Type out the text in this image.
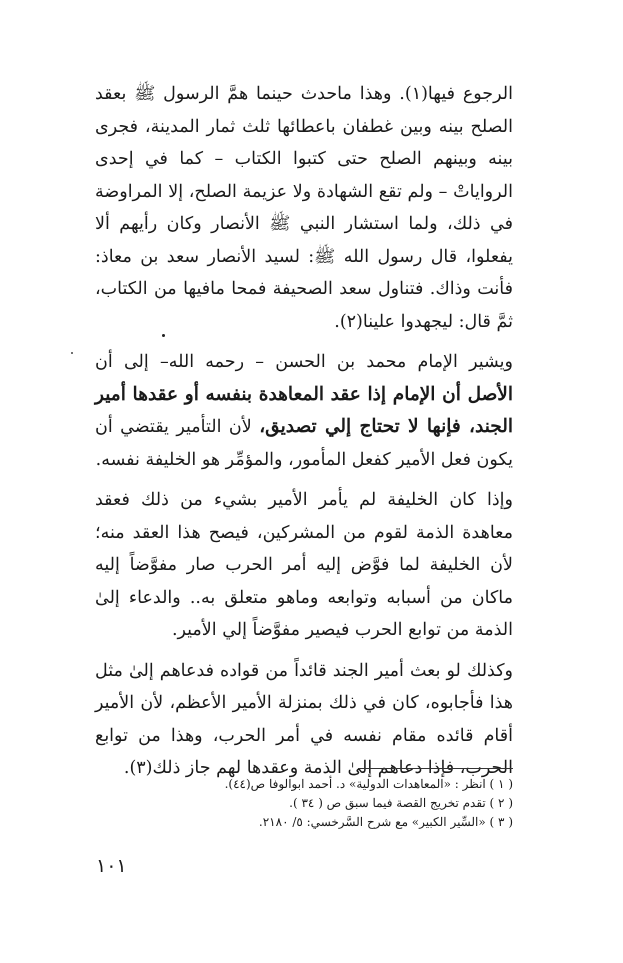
الرجوع فيها(١). وهذا ماحدث حينما همَّ الرسول ﷺ بعقد الصلح بينه وبين غطفان باعطائها ثلث ثمار المدينة، فجرى بينه وبينهم الصلح حتى كتبوا الكتاب – كما في إحدى الرواياتْ – ولم تقع الشهادة ولا عزيمة الصلح، إلا المراوضة في ذلك، ولما استشار النبي ﷺ الأنصار وكان رأيهم ألا يفعلوا، قال رسول الله ﷺ: لسيد الأنصار سعد بن معاذ: فأنت وذاك. فتناول سعد الصحيفة فمحا مافيها من الكتاب، ثمَّ قال: ليجهدوا علينا(٢).

ويشير الإمام محمد بن الحسن – رحمه الله– إلى أن الأصل أن الإمام إذا عقد المعاهدة بنفسه أو عقدها أمير الجند، فإنها لا تحتاج إلي تصديق، لأن التأمير يقتضي أن يكون فعل الأمير كفعل المأمور، والمؤمِّر هو الخليفة نفسه.

وإذا كان الخليفة لم يأمر الأمير بشيء من ذلك فعقد معاهدة الذمة لقوم من المشركين، فيصح هذا العقد منه؛ لأن الخليفة لما فوَّض إليه أمر الحرب صار مفوَّضاً إليه ماكان من أسبابه وتوابعه وماهو متعلق به.. والدعاء إلىٰ الذمة من توابع الحرب فيصير مفوَّضاً إلي الأمير.

وكذلك لو بعث أمير الجند قائداً من قواده فدعاهم إلىٰ مثل هذا فأجابوه، كان في ذلك بمنزلة الأمير الأعظم، لأن الأمير أقام قائده مقام نفسه في أمر الحرب، وهذا من توابع الحرب، فإذا دعاهم إلىٰ الذمة وعقدها لهم جاز ذلك(٣).

( ١ ) انظر : «المعاهدات الدولية» د. أحمد ابوالوفا ص(٤٤).

( ٢ ) تقدم تخريج القصة فيما سبق ص ( ٣٤ ).

( ٣ ) «السِّير الكبير» مع شرح السَّرخسي: ٥/ ٢١٨٠.

١٠١
